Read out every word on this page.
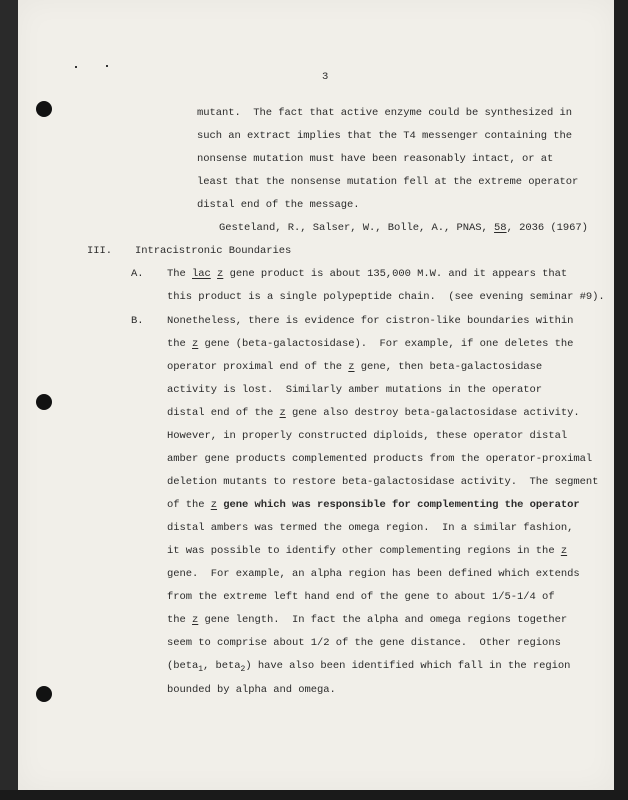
3
mutant.  The fact that active enzyme could be synthesized in
such an extract implies that the T4 messenger containing the
nonsense mutation must have been reasonably intact, or at
least that the nonsense mutation fell at the extreme operator
distal end of the message.
Gesteland, R., Salser, W., Bolle, A., PNAS, 58, 2036 (1967)
III. Intracistronic Boundaries
A. The lac z gene product is about 135,000 M.W. and it appears that
this product is a single polypeptide chain.  (see evening seminar #9).
B. Nonetheless, there is evidence for cistron-like boundaries within
the z gene (beta-galactosidase).  For example, if one deletes the
operator proximal end of the z gene, then beta-galactosidase
activity is lost.  Similarly amber mutations in the operator
distal end of the z gene also destroy beta-galactosidase activity.
However, in properly constructed diploids, these operator distal
amber gene products complemented products from the operator-proximal
deletion mutants to restore beta-galactosidase activity.  The segment
of the z gene which was responsible for complementing the operator
distal ambers was termed the omega region.  In a similar fashion,
it was possible to identify other complementing regions in the z
gene.  For example, an alpha region has been defined which extends
from the extreme left hand end of the gene to about 1/5-1/4 of
the z gene length.  In fact the alpha and omega regions together
seem to comprise about 1/2 of the gene distance.  Other regions
(beta$_1$, beta$_2$) have also been identified which fall in the region
bounded by alpha and omega.
